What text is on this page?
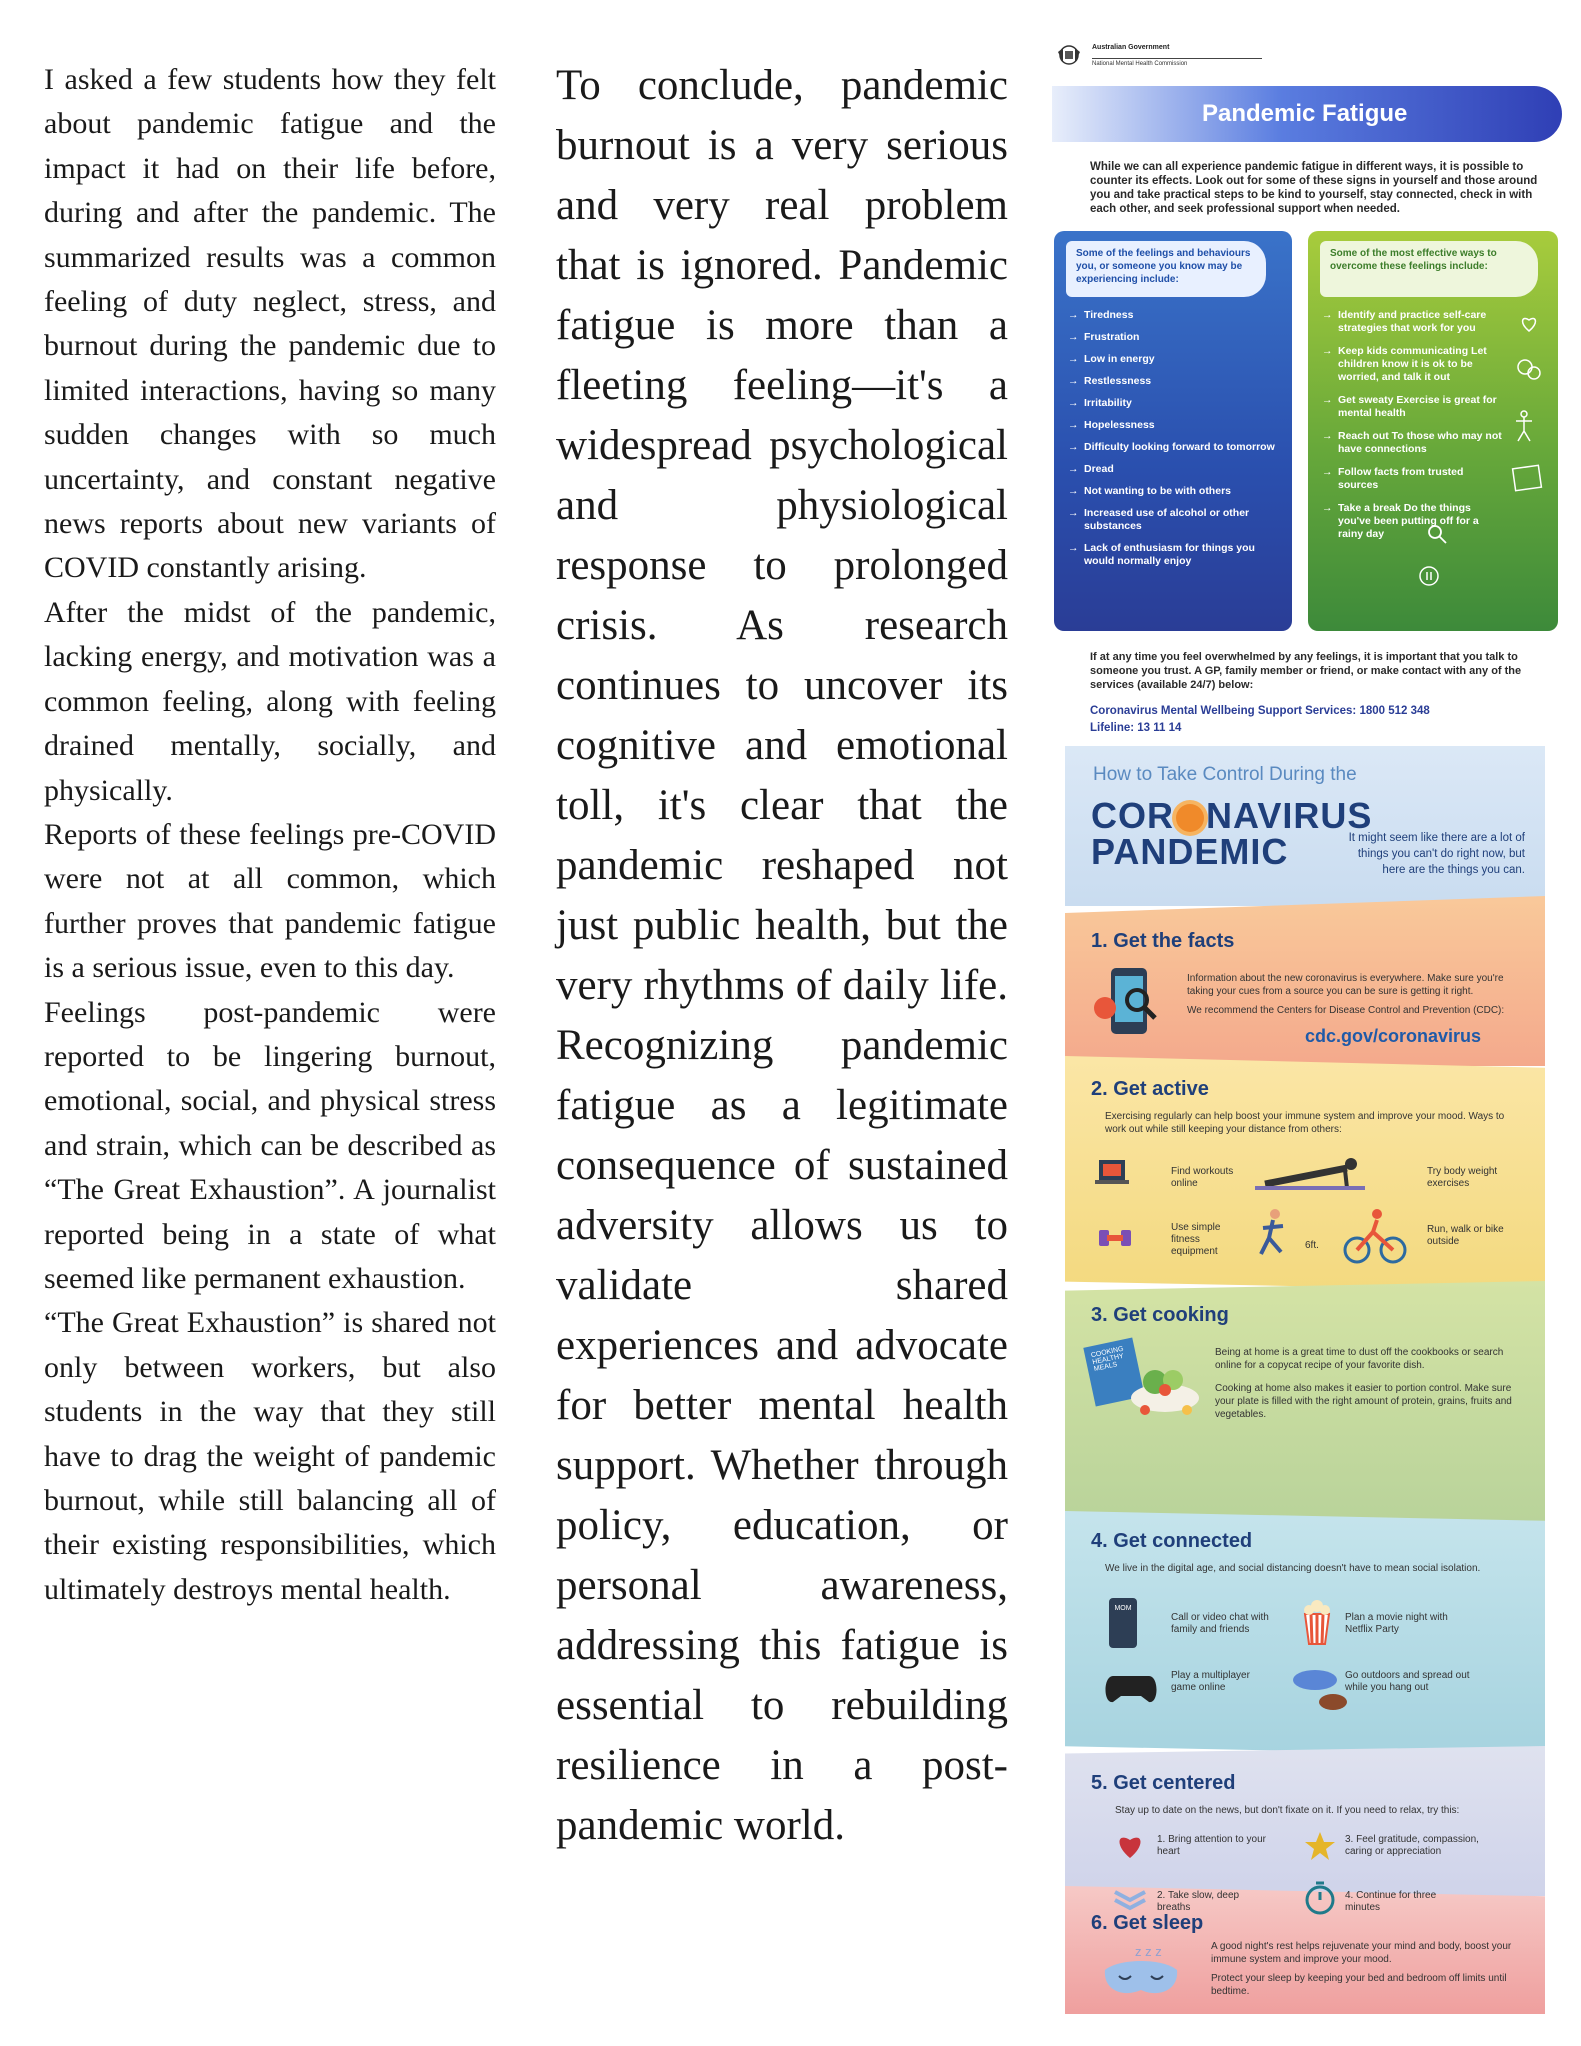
I asked a few students how they felt about pandemic fatigue and the impact it had on their life before, during and after the pandemic. The summarized results was a common feeling of duty neglect, stress, and burnout during the pandemic due to limited interactions, having so many sudden changes with so much uncertainty, and constant negative news reports about new variants of COVID constantly arising.

After the midst of the pandemic, lacking energy, and motivation was a common feeling, along with feeling drained mentally, socially, and physically.

Reports of these feelings pre-COVID were not at all common, which further proves that pandemic fatigue is a serious issue, even to this day.

Feelings post-pandemic were reported to be lingering burnout, emotional, social, and physical stress and strain, which can be described as “The Great Exhaustion”. A journalist reported being in a state of what seemed like permanent exhaustion.

“The Great Exhaustion” is shared not only between workers, but also students in the way that they still have to drag the weight of pandemic burnout, while still balancing all of their existing responsibilities, which ultimately destroys mental health.

To conclude, pandemic burnout is a very serious and very real problem that is ignored. Pandemic fatigue is more than a fleeting feeling—it's a widespread psychological and physiological response to prolonged crisis. As research continues to uncover its cognitive and emotional toll, it's clear that the pandemic reshaped not just public health, but the very rhythms of daily life. Recognizing pandemic fatigue as a legitimate consequence of sustained adversity allows us to validate shared experiences and advocate for better mental health support. Whether through policy, education, or personal awareness, addressing this fatigue is essential to rebuilding resilience in a post-pandemic world.

Australian Government
National Mental Health Commission
Pandemic Fatigue
While we can all experience pandemic fatigue in different ways, it is possible to counter its effects. Look out for some of these signs in yourself and those around you and take practical steps to be kind to yourself, stay connected, check in with each other, and seek professional support when needed.
Some of the feelings and behaviours you, or someone you know may be experiencing include:
→ Tiredness
→ Frustration
→ Low in energy
→ Restlessness
→ Irritability
→ Hopelessness
→ Difficulty looking forward to tomorrow
→ Dread
→ Not wanting to be with others
→ Increased use of alcohol or other substances
→ Lack of enthusiasm for things you would normally enjoy
Some of the most effective ways to overcome these feelings include:
→ Identify and practice self-care strategies that work for you
→ Keep kids communicating Let children know it is ok to be worried, and talk it out
→ Get sweaty Exercise is great for mental health
→ Reach out To those who may not have connections
→ Follow facts from trusted sources
→ Take a break Do the things you've been putting off for a rainy day
If at any time you feel overwhelmed by any feelings, it is important that you talk to someone you trust. A GP, family member or friend, or make contact with any of the services (available 24/7) below:
Coronavirus Mental Wellbeing Support Services: 1800 512 348
Lifeline: 13 11 14
How to Take Control During the
COR NAVIRUS
PANDEMIC	It might seem like there are a lot of things you can't do right now, but here are the things you can.
1. Get the facts
Information about the new coronavirus is everywhere. Make sure you're taking your cues from a source you can be sure is getting it right.
We recommend the Centers for Disease Control and Prevention (CDC):
cdc.gov/coronavirus
2. Get active
Exercising regularly can help boost your immune system and improve your mood. Ways to work out while still keeping your distance from others:
Find workouts online
Try body weight exercises
Use simple fitness equipment
6ft.
Run, walk or bike outside
3. Get cooking
COOKING HEALTHY MEALS
Being at home is a great time to dust off the cookbooks or search online for a copycat recipe of your favorite dish.
Cooking at home also makes it easier to portion control. Make sure your plate is filled with the right amount of protein, grains, fruits and vegetables.
4. Get connected
We live in the digital age, and social distancing doesn't have to mean social isolation.
MOM
Call or video chat with family and friends
Plan a movie night with Netflix Party
Play a multiplayer game online
Go outdoors and spread out while you hang out
5. Get centered
Stay up to date on the news, but don't fixate on it. If you need to relax, try this:
1. Bring attention to your heart
3. Feel gratitude, compassion, caring or appreciation
2. Take slow, deep breaths
4. Continue for three minutes
6. Get sleep
z z z	A good night's rest helps rejuvenate your mind and body, boost your immune system and improve your mood.
Protect your sleep by keeping your bed and bedroom off limits until bedtime.
